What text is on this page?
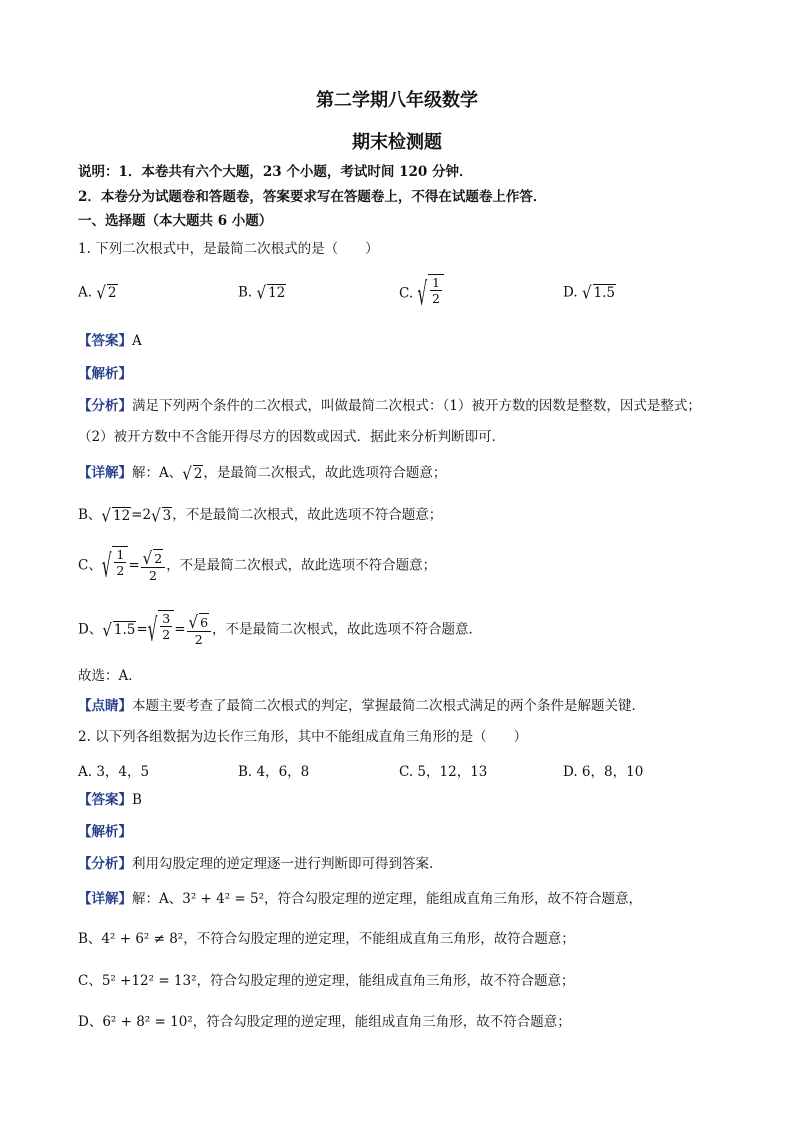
第二学期八年级数学
期末检测题
说明：1．本卷共有六个大题，23 个小题，考试时间 120 分钟．
2．本卷分为试题卷和答题卷，答案要求写在答题卷上，不得在试题卷上作答．
一、选择题（本大题共 6 小题）
1. 下列二次根式中，是最简二次根式的是（　　）
A. √ 2	B. √ 12	C. √ $\frac{1}{2}$	D. √ 1.5
【答案】A
【解析】
【分析】满足下列两个条件的二次根式，叫做最简二次根式：（1）被开方数的因数是整数，因式是整式；
（2）被开方数中不含能开得尽方的因数或因式．据此来分析判断即可．
【详解】解：A、 √ 2 ，是最简二次根式，故此选项符合题意；
B、 √ 12 =2 √ 3 ，不是最简二次根式，故此选项不符合题意；
C、 √ $\frac{1}{2} = \frac{√ 2}{2}$ ，不是最简二次根式，故此选项不符合题意；
D、 √ 1.5 = √ $\frac{3}{2} = \frac{√ 6}{2}$ ，不是最简二次根式，故此选项不符合题意．
故选：A．
【点睛】本题主要考查了最简二次根式的判定，掌握最简二次根式满足的两个条件是解题关键．
2. 以下列各组数据为边长作三角形，其中不能组成直角三角形的是（　　）
A. 3，4，5	B. 4，6，8	C. 5，12，13	D. 6，8，10
【答案】B
【解析】
【分析】利用勾股定理的逆定理逐一进行判断即可得到答案．
【详解】解：A、3² + 4² = 5²，符合勾股定理的逆定理，能组成直角三角形，故不符合题意，
B、4² + 6² ≠ 8²，不符合勾股定理的逆定理，不能组成直角三角形，故符合题意；
C、5² +12² = 13²，符合勾股定理的逆定理，能组成直角三角形，故不符合题意；
D、6² + 8² = 10²，符合勾股定理的逆定理，能组成直角三角形，故不符合题意；
